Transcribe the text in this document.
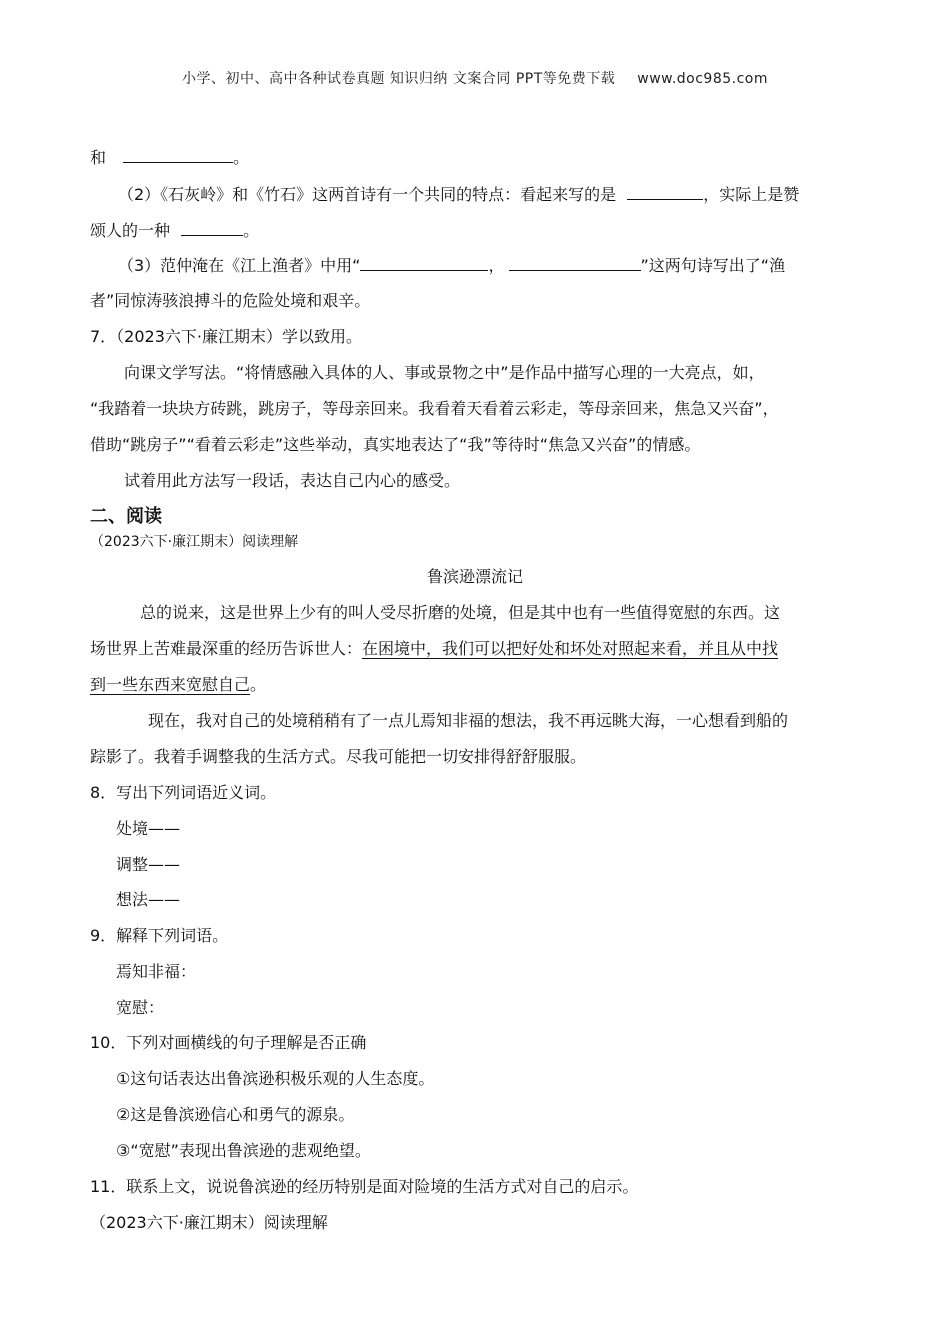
小学、初中、高中各种试卷真题 知识归纳 文案合同 PPT等免费下载 www.doc985.com
和	。
（2）《石灰岭》和《竹石》这两首诗有一个共同的特点：看起来写的是	，实际上是赞
颂人的一种	。
（3）范仲淹在《江上渔者》中用“	，	”这两句诗写出了“渔
者”同惊涛骇浪搏斗的危险处境和艰辛。
7．（2023六下·廉江期末）学以致用。
向课文学写法。“将情感融入具体的人、事或景物之中”是作品中描写心理的一大亮点，如，
“我踏着一块块方砖跳，跳房子，等母亲回来。我看着天看着云彩走，等母亲回来，焦急又兴奋”，
借助“跳房子”“看着云彩走”这些举动，真实地表达了“我”等待时“焦急又兴奋”的情感。
试着用此方法写一段话，表达自己内心的感受。
二、阅读
（2023六下·廉江期末）阅读理解
鲁滨逊漂流记
总的说来，这是世界上少有的叫人受尽折磨的处境，但是其中也有一些值得宽慰的东西。这
场世界上苦难最深重的经历告诉世人：在困境中，我们可以把好处和坏处对照起来看，并且从中找
到一些东西来宽慰自己。
现在，我对自己的处境稍稍有了一点儿焉知非福的想法，我不再远眺大海，一心想看到船的
踪影了。我着手调整我的生活方式。尽我可能把一切安排得舒舒服服。
8．写出下列词语近义词。
处境——
调整——
想法——
9．解释下列词语。
焉知非福：
宽慰：
10．下列对画横线的句子理解是否正确
①这句话表达出鲁滨逊积极乐观的人生态度。
②这是鲁滨逊信心和勇气的源泉。
③“宽慰”表现出鲁滨逊的悲观绝望。
11．联系上文，说说鲁滨逊的经历特别是面对险境的生活方式对自己的启示。
（2023六下·廉江期末）阅读理解
